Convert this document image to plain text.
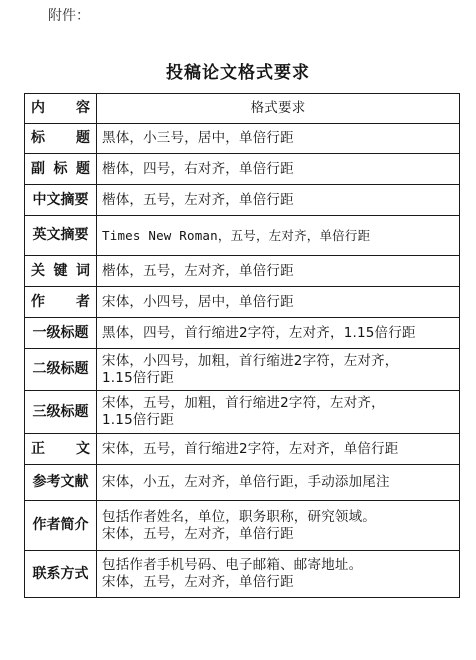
附件：
投稿论文格式要求
内　容	格式要求
标　题	黑体，小三号，居中，单倍行距

副标题	楷体，四号，右对齐，单倍行距

中文摘要	楷体，五号，左对齐，单倍行距

英文摘要	Times New Roman，五号，左对齐，单倍行距

关键词	楷体，五号，左对齐，单倍行距

作　者	宋体，小四号，居中，单倍行距

一级标题	黑体，四号，首行缩进2字符，左对齐，1.15倍行距

二级标题	宋体，小四号，加粗，首行缩进2字符，左对齐，
1.15倍行距

三级标题	宋体，五号，加粗，首行缩进2字符，左对齐，
1.15倍行距

正　文	宋体，五号，首行缩进2字符，左对齐，单倍行距

参考文献	宋体，小五，左对齐，单倍行距，手动添加尾注

作者简介	包括作者姓名，单位，职务职称，研究领域。
宋体，五号，左对齐，单倍行距

联系方式	包括作者手机号码、电子邮箱、邮寄地址。
宋体，五号，左对齐，单倍行距
